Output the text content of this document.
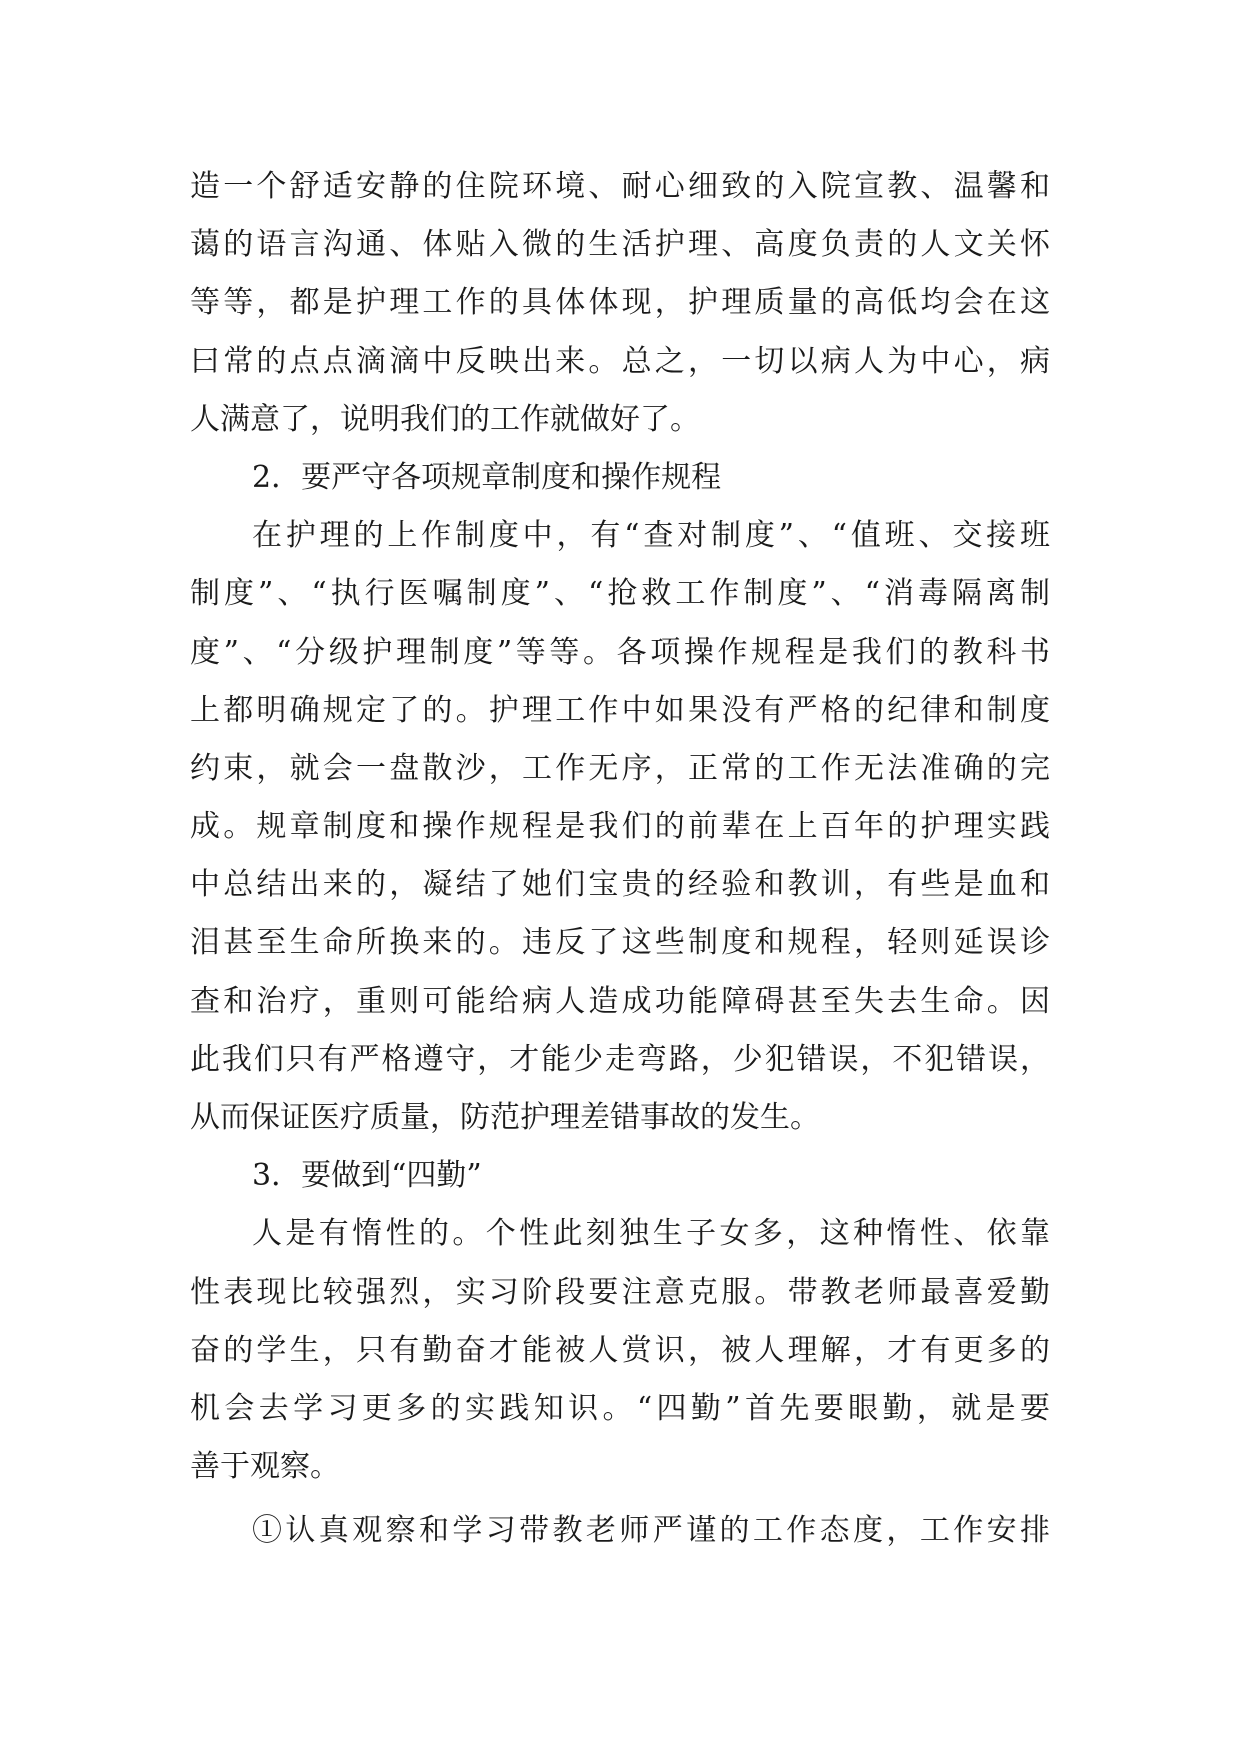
造一个舒适安静的住院环境、耐心细致的入院宣教、温馨和
蔼的语言沟通、体贴入微的生活护理、高度负责的人文关怀
等等，都是护理工作的具体体现，护理质量的高低均会在这
曰常的点点滴滴中反映出来。总之，一切以病人为中心，病
人满意了，说明我们的工作就做好了。
2．要严守各项规章制度和操作规程
在护理的上作制度中，有“查对制度”、“值班、交接班
制度”、“执行医嘱制度”、“抢救工作制度”、“消毒隔离制
度”、“分级护理制度”等等。各项操作规程是我们的教科书
上都明确规定了的。护理工作中如果没有严格的纪律和制度
约束，就会一盘散沙，工作无序，正常的工作无法准确的完
成。规章制度和操作规程是我们的前辈在上百年的护理实践
中总结出来的，凝结了她们宝贵的经验和教训，有些是血和
泪甚至生命所换来的。违反了这些制度和规程，轻则延误诊
查和治疗，重则可能给病人造成功能障碍甚至失去生命。因
此我们只有严格遵守，才能少走弯路，少犯错误，不犯错误，
从而保证医疗质量，防范护理差错事故的发生。
3．要做到“四勤”
人是有惰性的。个性此刻独生子女多，这种惰性、依靠
性表现比较强烈，实习阶段要注意克服。带教老师最喜爱勤
奋的学生，只有勤奋才能被人赏识，被人理解，才有更多的
机会去学习更多的实践知识。“四勤”首先要眼勤，就是要
善于观察。
①认真观察和学习带教老师严谨的工作态度，工作安排
